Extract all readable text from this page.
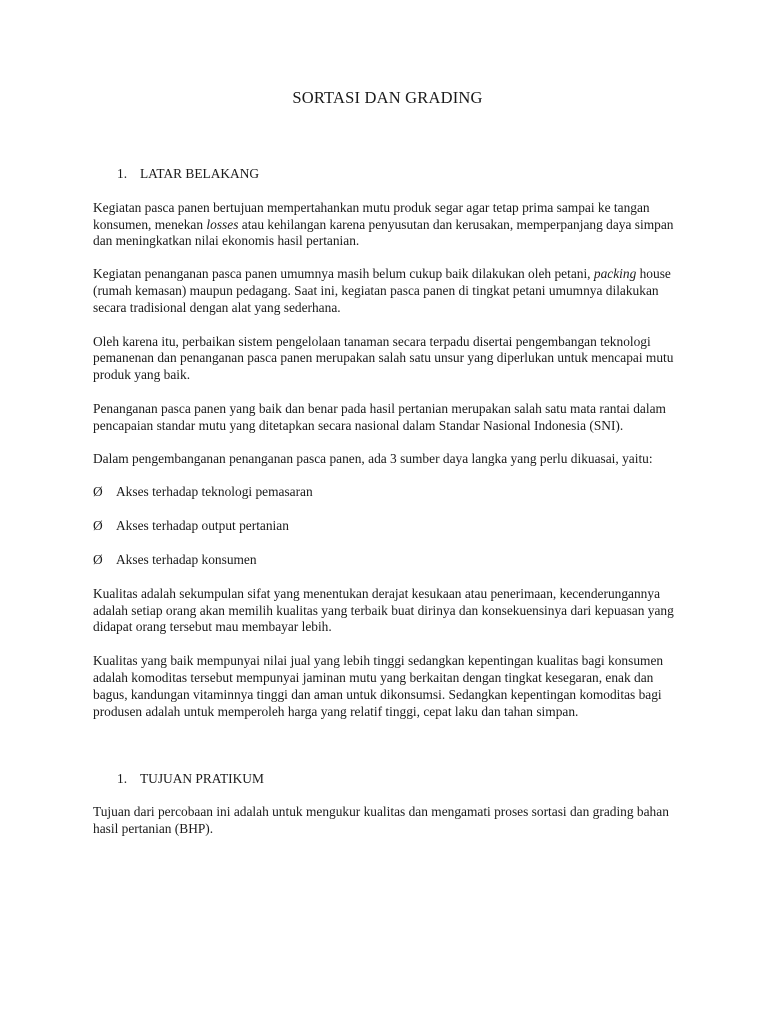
SORTASI DAN GRADING
1. LATAR BELAKANG

Kegiatan pasca panen bertujuan mempertahankan mutu produk segar agar tetap prima sampai ke tangan konsumen, menekan losses atau kehilangan karena penyusutan dan kerusakan, memperpanjang daya simpan dan meningkatkan nilai ekonomis hasil pertanian.

Kegiatan penanganan pasca panen umumnya masih belum cukup baik dilakukan oleh petani, packing house (rumah kemasan) maupun pedagang. Saat ini, kegiatan pasca panen di tingkat petani umumnya dilakukan secara tradisional dengan alat yang sederhana.

Oleh karena itu, perbaikan sistem pengelolaan tanaman secara terpadu disertai pengembangan teknologi pemanenan dan penanganan pasca panen merupakan salah satu unsur yang diperlukan untuk mencapai mutu produk yang baik.

Penanganan pasca panen yang baik dan benar pada hasil pertanian merupakan salah satu mata rantai dalam pencapaian standar mutu yang ditetapkan secara nasional dalam Standar Nasional Indonesia (SNI).

Dalam pengembanganan penanganan pasca panen, ada 3 sumber daya langka yang perlu dikuasai, yaitu:

Ø Akses terhadap teknologi pemasaran
Ø Akses terhadap output pertanian
Ø Akses terhadap konsumen

Kualitas adalah sekumpulan sifat yang menentukan derajat kesukaan atau penerimaan, kecenderungannya adalah setiap orang akan memilih kualitas yang terbaik buat dirinya dan konsekuensinya dari kepuasan yang didapat orang tersebut mau membayar lebih.

Kualitas yang baik mempunyai nilai jual yang lebih tinggi sedangkan kepentingan kualitas bagi konsumen adalah komoditas tersebut mempunyai jaminan mutu yang berkaitan dengan tingkat kesegaran, enak dan bagus, kandungan vitaminnya tinggi dan aman untuk dikonsumsi. Sedangkan kepentingan komoditas bagi produsen adalah untuk memperoleh harga yang relatif tinggi, cepat laku dan tahan simpan.

1. TUJUAN PRATIKUM

Tujuan dari percobaan ini adalah untuk mengukur kualitas dan mengamati proses sortasi dan grading bahan hasil pertanian (BHP).
